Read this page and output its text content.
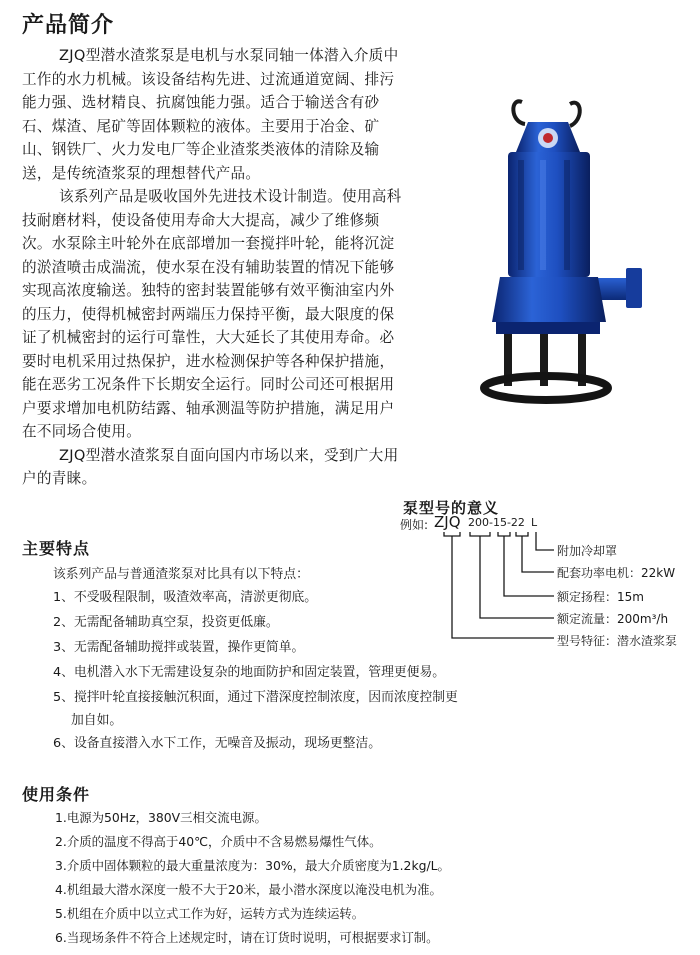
产品简介

ZJQ型潜水渣浆泵是电机与水泵同轴一体潜入介质中工作的水力机械。该设备结构先进、过流通道宽阔、排污能力强、选材精良、抗腐蚀能力强。适合于输送含有砂石、煤渣、尾矿等固体颗粒的液体。主要用于冶金、矿山、钢铁厂、火力发电厂等企业渣浆类液体的清除及输送，是传统渣浆泵的理想替代产品。

该系列产品是吸收国外先进技术设计制造。使用高科技耐磨材料，使设备使用寿命大大提高，减少了维修频次。水泵除主叶轮外在底部增加一套搅拌叶轮，能将沉淀的淤渣喷击成湍流，使水泵在没有辅助装置的情况下能够实现高浓度输送。独特的密封装置能够有效平衡油室内外的压力，使得机械密封两端压力保持平衡，最大限度的保证了机械密封的运行可靠性，大大延长了其使用寿命。必要时电机采用过热保护，进水检测保护等各种保护措施，能在恶劣工况条件下长期安全运行。同时公司还可根据用户要求增加电机防结露、轴承测温等防护措施，满足用户在不同场合使用。

ZJQ型潜水渣浆泵自面向国内市场以来，受到广大用户的青睐。

泵型号的意义
例如: ZJQ 200-15-22 L
附加冷却罩
配套功率电机：22kW
额定扬程：15m
额定流量：200m³/h
型号特征：潜水渣浆泵
主要特点
该系列产品与普通渣浆泵对比具有以下特点：
1、不受吸程限制，吸渣效率高，清淤更彻底。
2、无需配备辅助真空泵，投资更低廉。
3、无需配备辅助搅拌或装置，操作更简单。
4、电机潜入水下无需建设复杂的地面防护和固定装置，管理更便易。
5、搅拌叶轮直接接触沉积面，通过下潜深度控制浓度，因而浓度控制更
加自如。
6、设备直接潜入水下工作，无噪音及振动，现场更整洁。
使用条件
1.电源为50Hz，380V三相交流电源。
2.介质的温度不得高于40℃，介质中不含易燃易爆性气体。
3.介质中固体颗粒的最大重量浓度为：30%，最大介质密度为1.2kg/L。
4.机组最大潜水深度一般不大于20米，最小潜水深度以淹没电机为准。
5.机组在介质中以立式工作为好，运转方式为连续运转。
6.当现场条件不符合上述规定时，请在订货时说明，可根据要求订制。
